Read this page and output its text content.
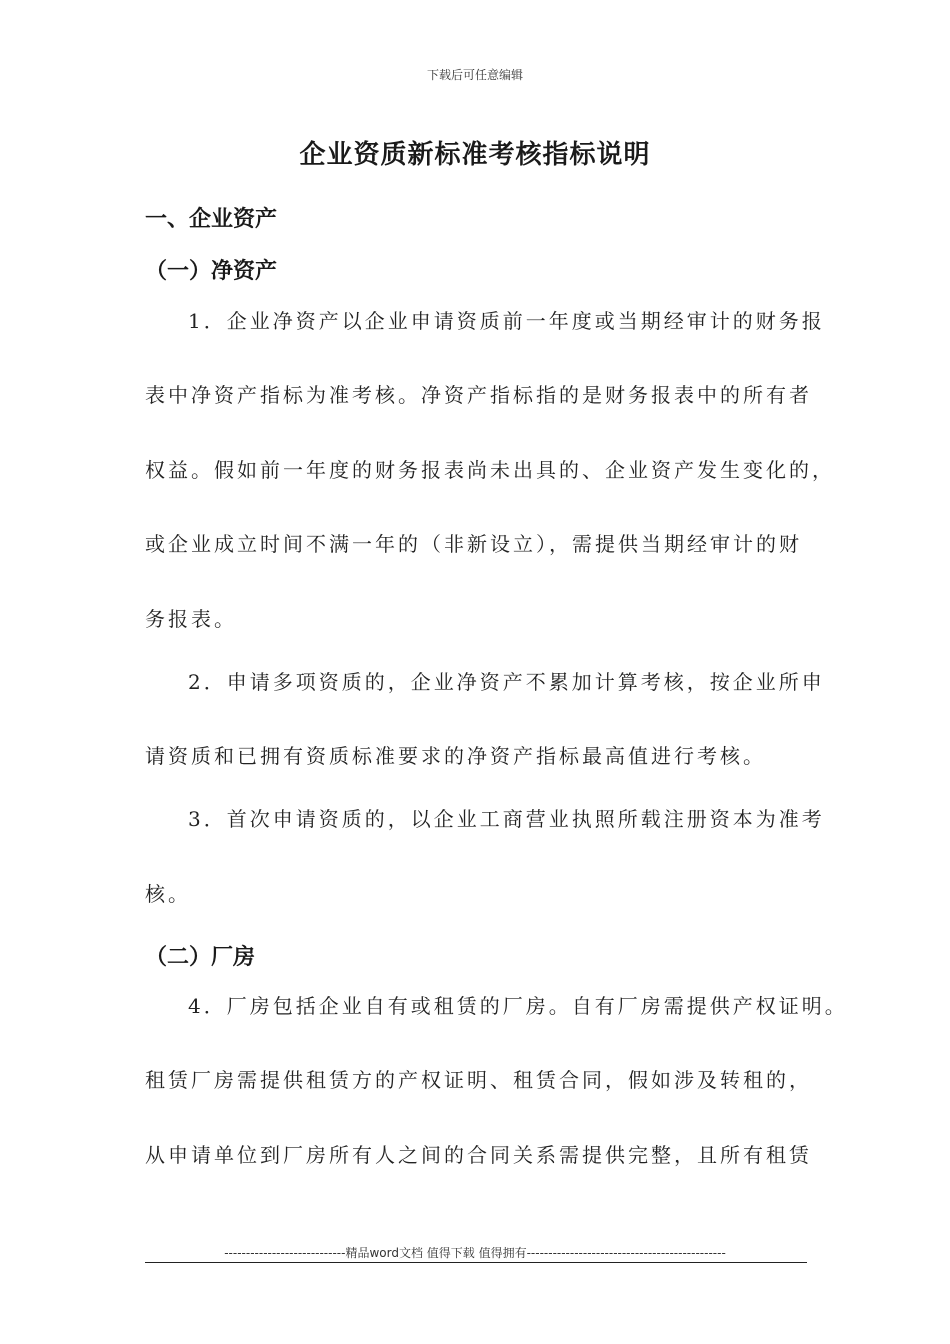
下载后可任意编辑
企业资质新标准考核指标说明
一、企业资产
（一）净资产
1．企业净资产以企业申请资质前一年度或当期经审计的财务报
表中净资产指标为准考核。净资产指标指的是财务报表中的所有者
权益。假如前一年度的财务报表尚未出具的、企业资产发生变化的，
或企业成立时间不满一年的（非新设立），需提供当期经审计的财
务报表。
2．申请多项资质的，企业净资产不累加计算考核，按企业所申
请资质和已拥有资质标准要求的净资产指标最高值进行考核。
3．首次申请资质的，以企业工商营业执照所载注册资本为准考
核。
（二）厂房
4．厂房包括企业自有或租赁的厂房。自有厂房需提供产权证明。
租赁厂房需提供租赁方的产权证明、租赁合同，假如涉及转租的，
从申请单位到厂房所有人之间的合同关系需提供完整，且所有租赁
----------------------------精品word文档 值得下载 值得拥有----------------------------------------------
